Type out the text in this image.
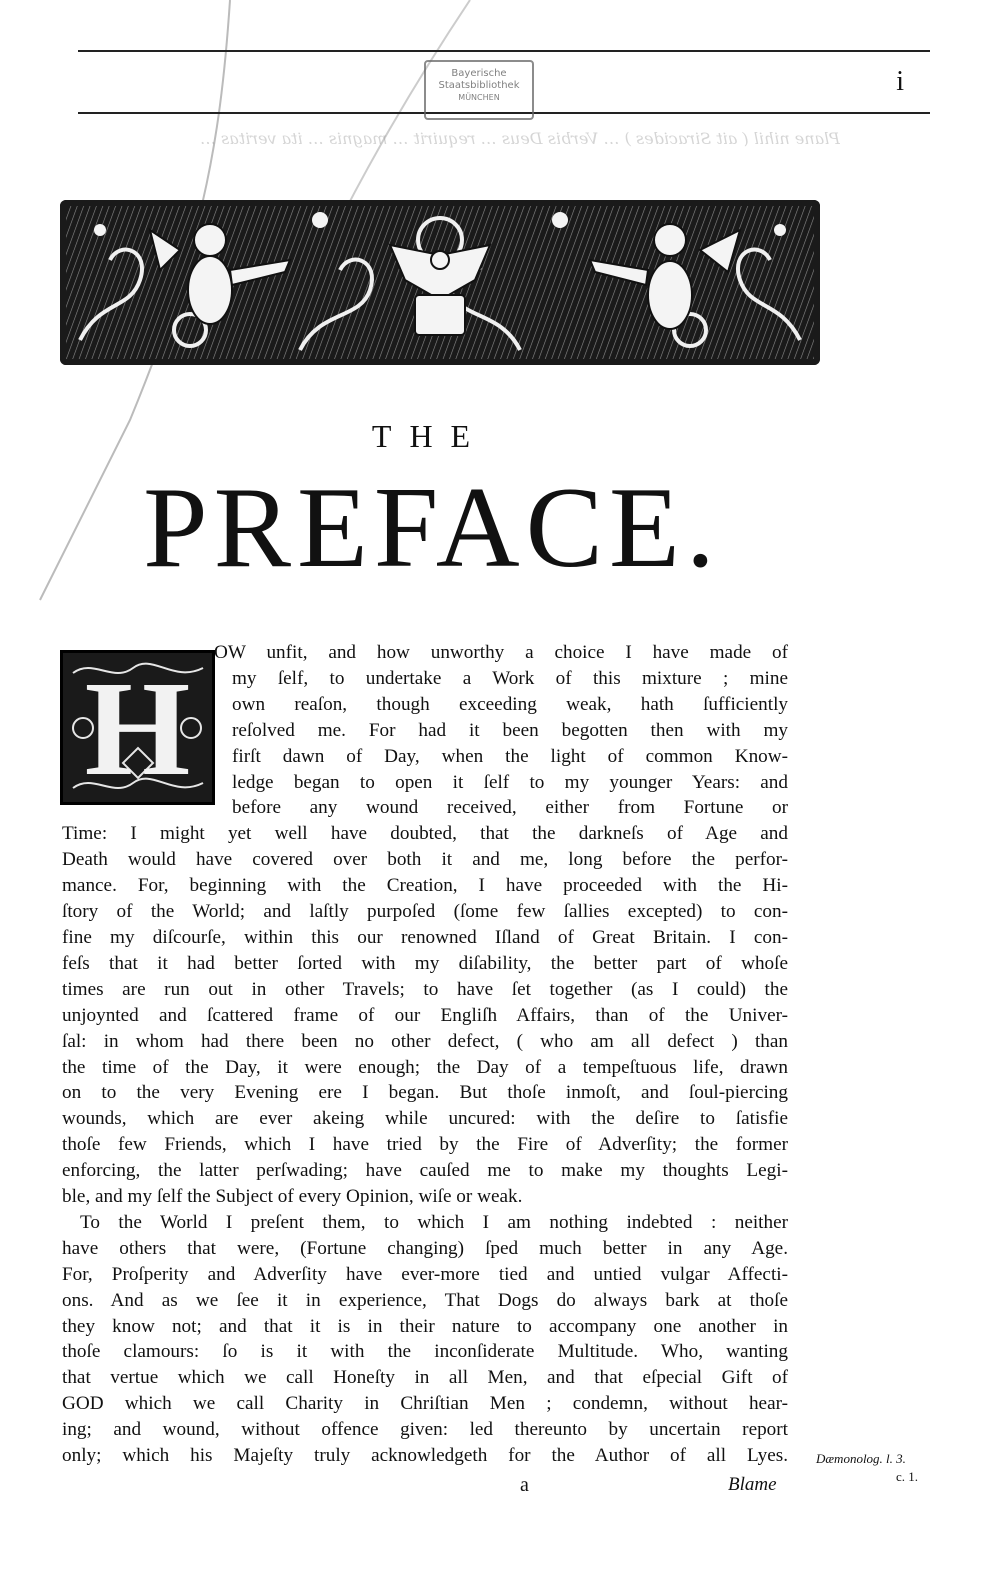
Bayerische
Staatsbibliothek
MÜNCHEN
i
Plane nihil ( ait Siracides ) … Verbis Deus … requirit … magnis … ita veritas …
THE
PREFACE.
H
OW unfit, and how unworthy a choice I have made of
my ſelf, to undertake a Work of this mixture ; mine
own reaſon, though exceeding weak, hath ſufficiently
reſolved me. For had it been begotten then with my
firſt dawn of Day, when the light of common Know-
ledge began to open it ſelf to my younger Years: and
before any wound received, either from Fortune or
Time: I might yet well have doubted, that the darkneſs of Age and
Death would have covered over both it and me, long before the perfor-
mance. For, beginning with the Creation, I have proceeded with the Hi-
ſtory of the World; and laſtly purpoſed (ſome few ſallies excepted) to con-
fine my diſcourſe, within this our renowned Iſland of Great Britain. I con-
feſs that it had better ſorted with my diſability, the better part of whoſe
times are run out in other Travels; to have ſet together (as I could) the
unjoynted and ſcattered frame of our Engliſh Affairs, than of the Univer-
ſal: in whom had there been no other defect, ( who am all defect ) than
the time of the Day, it were enough; the Day of a tempeſtuous life, drawn
on to the very Evening ere I began. But thoſe inmoſt, and ſoul-piercing
wounds, which are ever akeing while uncured: with the deſire to ſatisfie
thoſe few Friends, which I have tried by the Fire of Adverſity; the former
enforcing, the latter perſwading; have cauſed me to make my thoughts Legi-
ble, and my ſelf the Subject of every Opinion, wiſe or weak.
To the World I preſent them, to which I am nothing indebted : neither
have others that were, (Fortune changing) ſped much better in any Age.
For, Proſperity and Adverſity have ever-more tied and untied vulgar Affecti-
ons. And as we ſee it in experience, That Dogs do always bark at thoſe
they know not; and that it is in their nature to accompany one another in
thoſe clamours: ſo is it with the inconſiderate Multitude. Who, wanting
that vertue which we call Honeſty in all Men, and that eſpecial Gift of
GOD which we call Charity in Chriſtian Men ; condemn, without hear-
ing; and wound, without offence given: led thereunto by uncertain report
only; which his Majeſty truly acknowledgeth for the Author of all Lyes. Dæmonolog. l. 3.
c. 1.
a	Blame
